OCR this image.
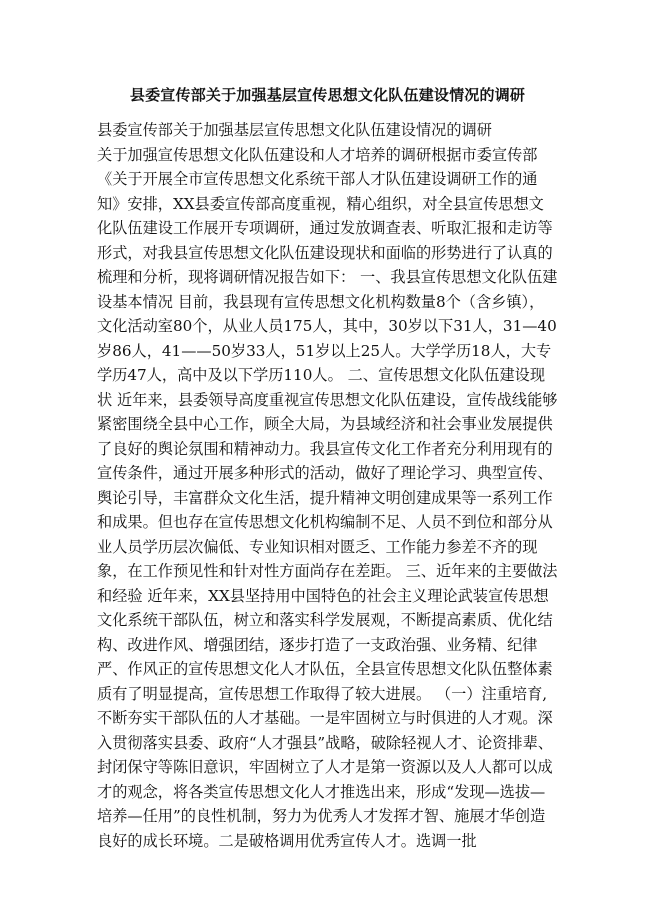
县委宣传部关于加强基层宣传思想文化队伍建设情况的调研
县委宣传部关于加强基层宣传思想文化队伍建设情况的调研
关于加强宣传思想文化队伍建设和人才培养的调研根据市委宣传部《关于开展全市宣传思想文化系统干部人才队伍建设调研工作的通知》安排，XX县委宣传部高度重视，精心组织，对全县宣传思想文化队伍建设工作展开专项调研，通过发放调查表、听取汇报和走访等形式，对我县宣传思想文化队伍建设现状和面临的形势进行了认真的梳理和分析，现将调研情况报告如下： 一、我县宣传思想文化队伍建设基本情况 目前，我县现有宣传思想文化机构数量8个（含乡镇），文化活动室80个，从业人员175人，其中，30岁以下31人，31—40岁86人，41——50岁33人，51岁以上25人。大学学历18人，大专学历47人，高中及以下学历110人。 二、宣传思想文化队伍建设现状 近年来，县委领导高度重视宣传思想文化队伍建设，宣传战线能够紧密围绕全县中心工作，顾全大局，为县域经济和社会事业发展提供了良好的舆论氛围和精神动力。我县宣传文化工作者充分利用现有的宣传条件，通过开展多种形式的活动，做好了理论学习、典型宣传、舆论引导，丰富群众文化生活，提升精神文明创建成果等一系列工作和成果。但也存在宣传思想文化机构编制不足、人员不到位和部分从业人员学历层次偏低、专业知识相对匮乏、工作能力参差不齐的现象，在工作预见性和针对性方面尚存在差距。 三、近年来的主要做法和经验 近年来，XX县坚持用中国特色的社会主义理论武装宣传思想文化系统干部队伍，树立和落实科学发展观，不断提高素质、优化结构、改进作风、增强团结，逐步打造了一支政治强、业务精、纪律严、作风正的宣传思想文化人才队伍，全县宣传思想文化队伍整体素质有了明显提高，宣传思想工作取得了较大进展。 （一）注重培育,不断夯实干部队伍的人才基础。一是牢固树立与时俱进的人才观。深入贯彻落实县委、政府“人才强县”战略，破除轻视人才、论资排辈、封闭保守等陈旧意识，牢固树立了人才是第一资源以及人人都可以成才的观念，将各类宣传思想文化人才推选出来，形成“发现—选拔—培养—任用”的良性机制，努力为优秀人才发挥才智、施展才华创造良好的成长环境。二是破格调用优秀宣传人才。选调一批
